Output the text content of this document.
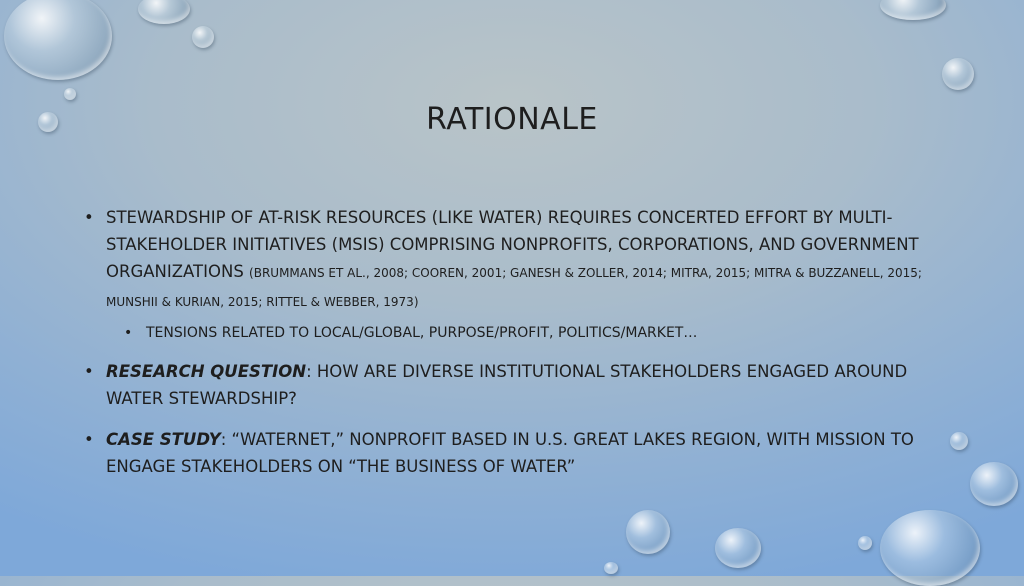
RATIONALE
• STEWARDSHIP OF AT-RISK RESOURCES (LIKE WATER) REQUIRES CONCERTED EFFORT BY MULTI-STAKEHOLDER INITIATIVES (MSIS) COMPRISING NONPROFITS, CORPORATIONS, AND GOVERNMENT ORGANIZATIONS (BRUMMANS ET AL., 2008; COOREN, 2001; GANESH & ZOLLER, 2014; MITRA, 2015; MITRA & BUZZANELL, 2015; MUNSHII & KURIAN, 2015; RITTEL & WEBBER, 1973)
• TENSIONS RELATED TO LOCAL/GLOBAL, PURPOSE/PROFIT, POLITICS/MARKET…
• RESEARCH QUESTION: HOW ARE DIVERSE INSTITUTIONAL STAKEHOLDERS ENGAGED AROUND WATER STEWARDSHIP?
• CASE STUDY: “WATERNET,” NONPROFIT BASED IN U.S. GREAT LAKES REGION, WITH MISSION TO ENGAGE STAKEHOLDERS ON “THE BUSINESS OF WATER”
